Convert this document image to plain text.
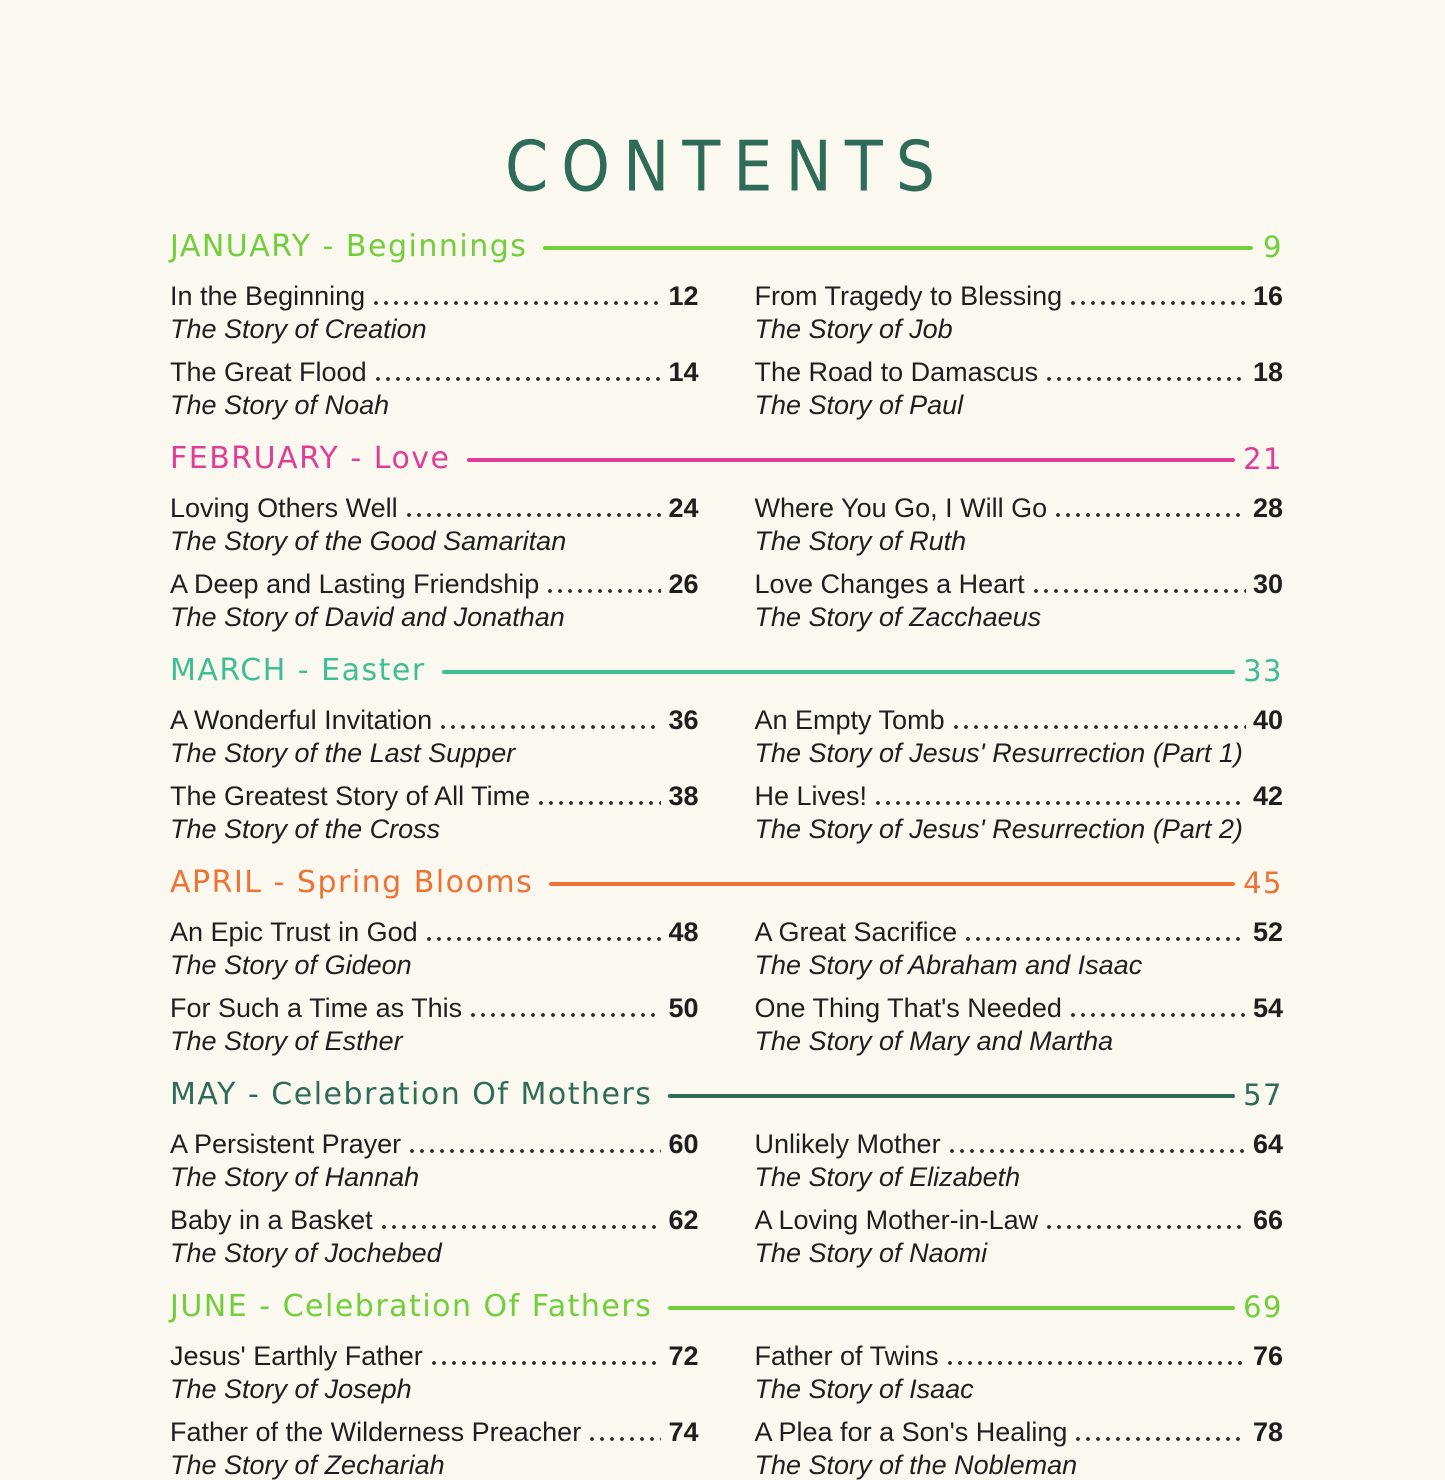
CONTENTS
JANUARY - Beginnings	9
In the Beginning	12
The Story of Creation
The Great Flood	14
The Story of Noah
From Tragedy to Blessing	16
The Story of Job
The Road to Damascus	18
The Story of Paul
FEBRUARY - Love	21
Loving Others Well	24
The Story of the Good Samaritan
A Deep and Lasting Friendship	26
The Story of David and Jonathan
Where You Go, I Will Go	28
The Story of Ruth
Love Changes a Heart	30
The Story of Zacchaeus
MARCH - Easter	33
A Wonderful Invitation	36
The Story of the Last Supper
The Greatest Story of All Time	38
The Story of the Cross
An Empty Tomb	40
The Story of Jesus' Resurrection (Part 1)
He Lives!	42
The Story of Jesus' Resurrection (Part 2)
APRIL - Spring Blooms	45
An Epic Trust in God	48
The Story of Gideon
For Such a Time as This	50
The Story of Esther
A Great Sacrifice	52
The Story of Abraham and Isaac
One Thing That's Needed	54
The Story of Mary and Martha
MAY - Celebration Of Mothers	57
A Persistent Prayer	60
The Story of Hannah
Baby in a Basket	62
The Story of Jochebed
Unlikely Mother	64
The Story of Elizabeth
A Loving Mother-in-Law	66
The Story of Naomi
JUNE - Celebration Of Fathers	69
Jesus' Earthly Father	72
The Story of Joseph
Father of the Wilderness Preacher	74
The Story of Zechariah
Father of Twins	76
The Story of Isaac
A Plea for a Son's Healing	78
The Story of the Nobleman
